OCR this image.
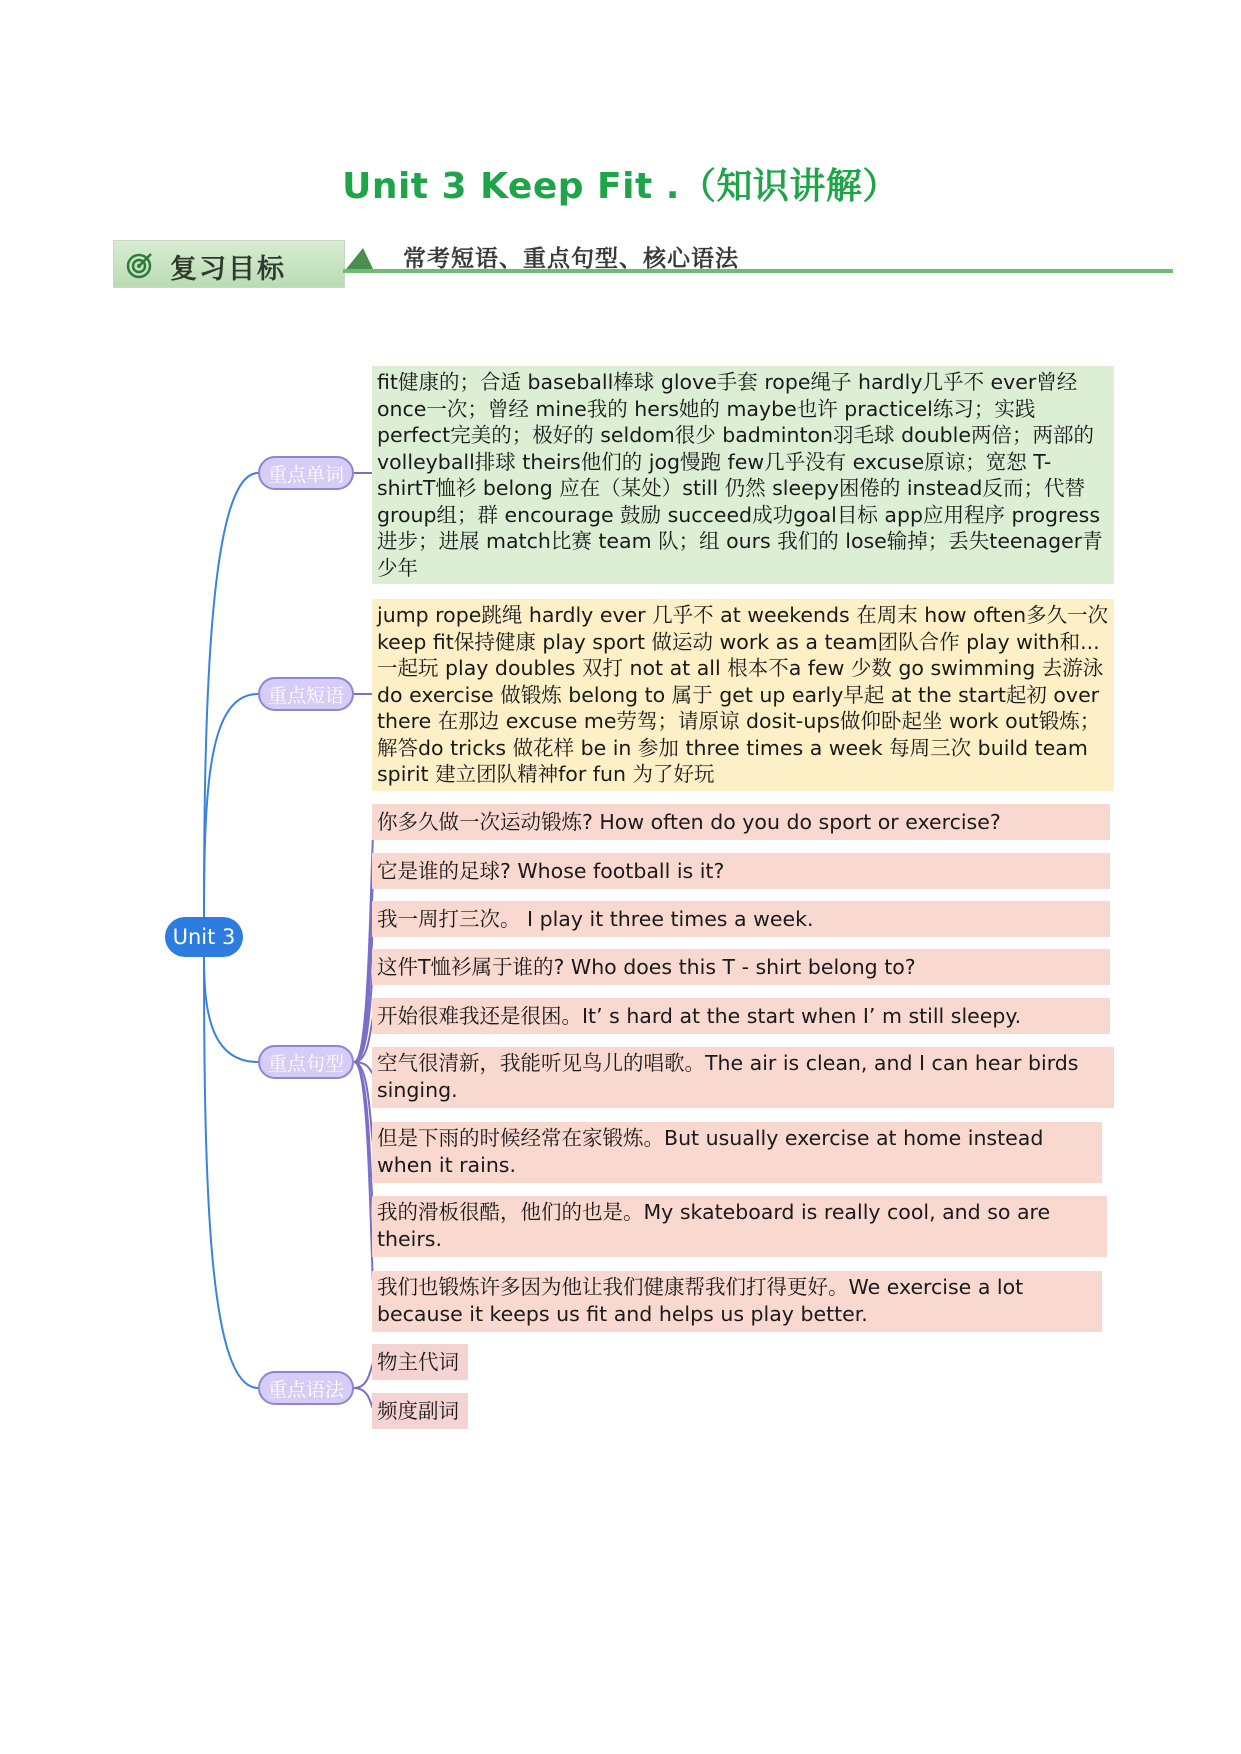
Unit 3 Keep Fit .（知识讲解）
复习目标	常考短语、重点句型、核心语法
Unit 3
重点单词
重点短语
重点句型
重点语法
fit健康的；合适 baseball棒球 glove手套 rope绳子 hardly几乎不 ever曾经 once一次；曾经 mine我的 hers她的 maybe也许 practicel练习；实践 perfect完美的；极好的 seldom很少 badminton羽毛球 double两倍；两部的 volleyball排球 theirs他们的 jog慢跑 few几乎没有 excuse原谅；宽恕 T-shirtT恤衫 belong 应在（某处）still 仍然 sleepy困倦的 instead反而；代替 group组；群 encourage 鼓励 succeed成功goal目标 app应用程序 progress 进步；进展 match比赛 team 队；组 ours 我们的 lose输掉；丢失teenager青少年
jump rope跳绳 hardly ever 几乎不 at weekends 在周末 how often多久一次 keep fit保持健康 play sport 做运动 work as a team团队合作 play with和...一起玩 play doubles 双打 not at all 根本不a few 少数 go swimming 去游泳 do exercise 做锻炼 belong to 属于 get up early早起 at the start起初 over there 在那边 excuse me劳驾；请原谅 dosit-ups做仰卧起坐 work out锻炼；解答do tricks 做花样 be in 参加 three times a week 每周三次 build team spirit 建立团队精神for fun 为了好玩
你多久做一次运动锻炼? How often do you do sport or exercise?
它是谁的足球? Whose football is it?
我一周打三次。 I play it three times a week.
这件T恤衫属于谁的? Who does this T - shirt belong to?
开始很难我还是很困。It’ s hard at the start when I’ m still sleepy.
空气很清新，我能听见鸟儿的唱歌。The air is clean, and I can hear birds singing.
但是下雨的时候经常在家锻炼。But usually exercise at home instead when it rains.
我的滑板很酷，他们的也是。My skateboard is really cool, and so are theirs.
我们也锻炼许多因为他让我们健康帮我们打得更好。We exercise a lot because it keeps us fit and helps us play better.
物主代词
频度副词
